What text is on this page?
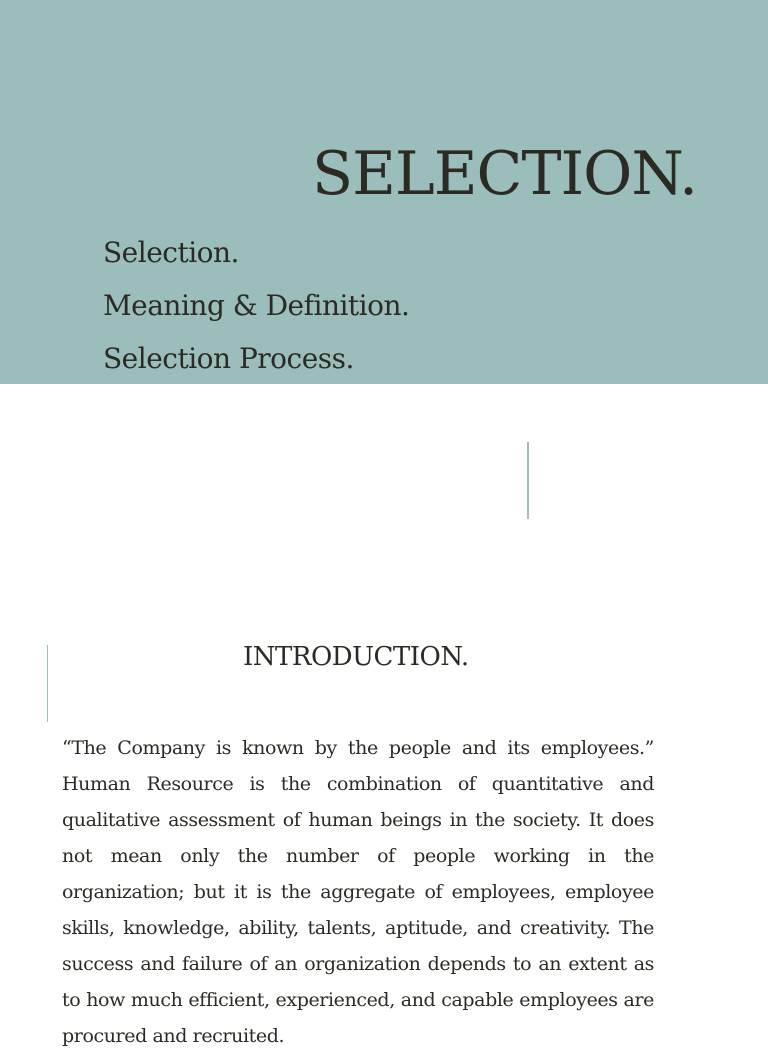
SELECTION.
Selection.
Meaning & Definition.
Selection Process.
INTRODUCTION.
“The Company is known by the people and its employees.” Human Resource is the combination of quantitative and qualitative assessment of human beings in the society. It does not mean only the number of people working in the organization; but it is the aggregate of employees, employee skills, knowledge, ability, talents, aptitude, and creativity. The success and failure of an organization depends to an extent as to how much efficient, experienced, and capable employees are procured and recruited.
